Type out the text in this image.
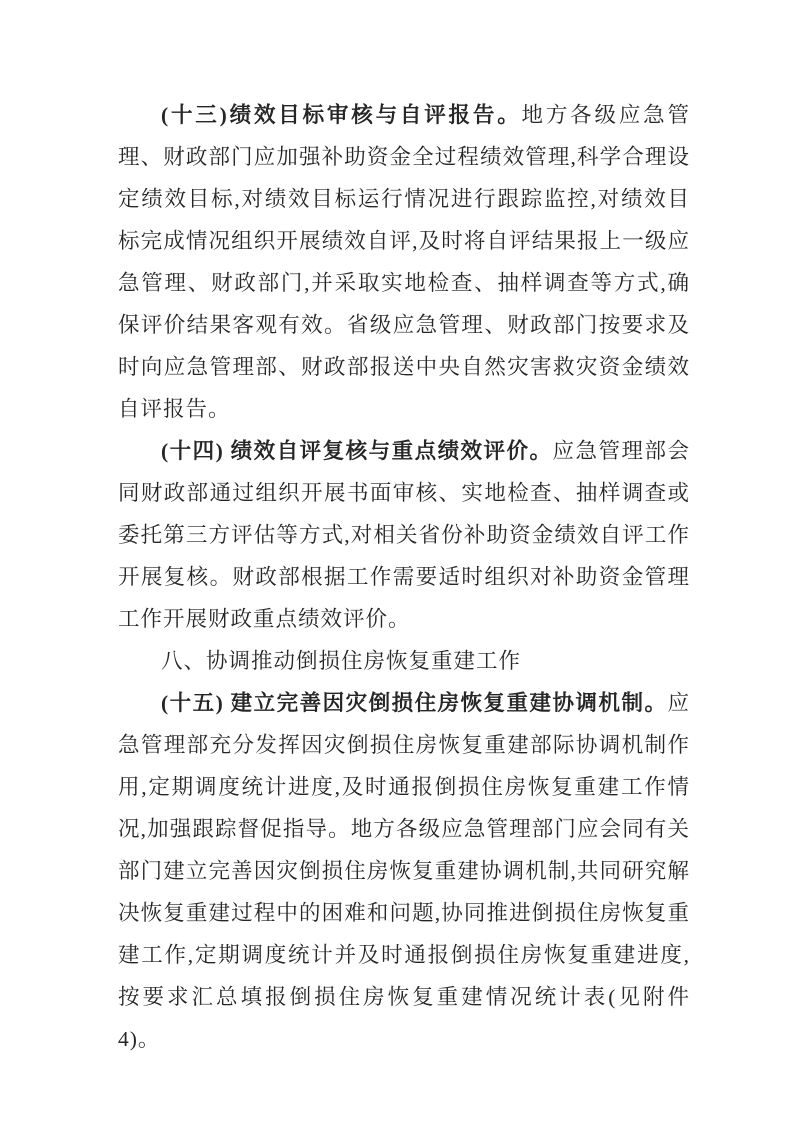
(十三)绩效目标审核与自评报告。地方各级应急管理、财政部门应加强补助资金全过程绩效管理,科学合理设定绩效目标,对绩效目标运行情况进行跟踪监控,对绩效目标完成情况组织开展绩效自评,及时将自评结果报上一级应急管理、财政部门,并采取实地检查、抽样调查等方式,确保评价结果客观有效。省级应急管理、财政部门按要求及时向应急管理部、财政部报送中央自然灾害救灾资金绩效自评报告。

(十四) 绩效自评复核与重点绩效评价。应急管理部会同财政部通过组织开展书面审核、实地检查、抽样调查或委托第三方评估等方式,对相关省份补助资金绩效自评工作开展复核。财政部根据工作需要适时组织对补助资金管理工作开展财政重点绩效评价。

八、协调推动倒损住房恢复重建工作

(十五) 建立完善因灾倒损住房恢复重建协调机制。应急管理部充分发挥因灾倒损住房恢复重建部际协调机制作用,定期调度统计进度,及时通报倒损住房恢复重建工作情况,加强跟踪督促指导。地方各级应急管理部门应会同有关部门建立完善因灾倒损住房恢复重建协调机制,共同研究解决恢复重建过程中的困难和问题,协同推进倒损住房恢复重建工作,定期调度统计并及时通报倒损住房恢复重建进度,按要求汇总填报倒损住房恢复重建情况统计表(见附件 4)。
